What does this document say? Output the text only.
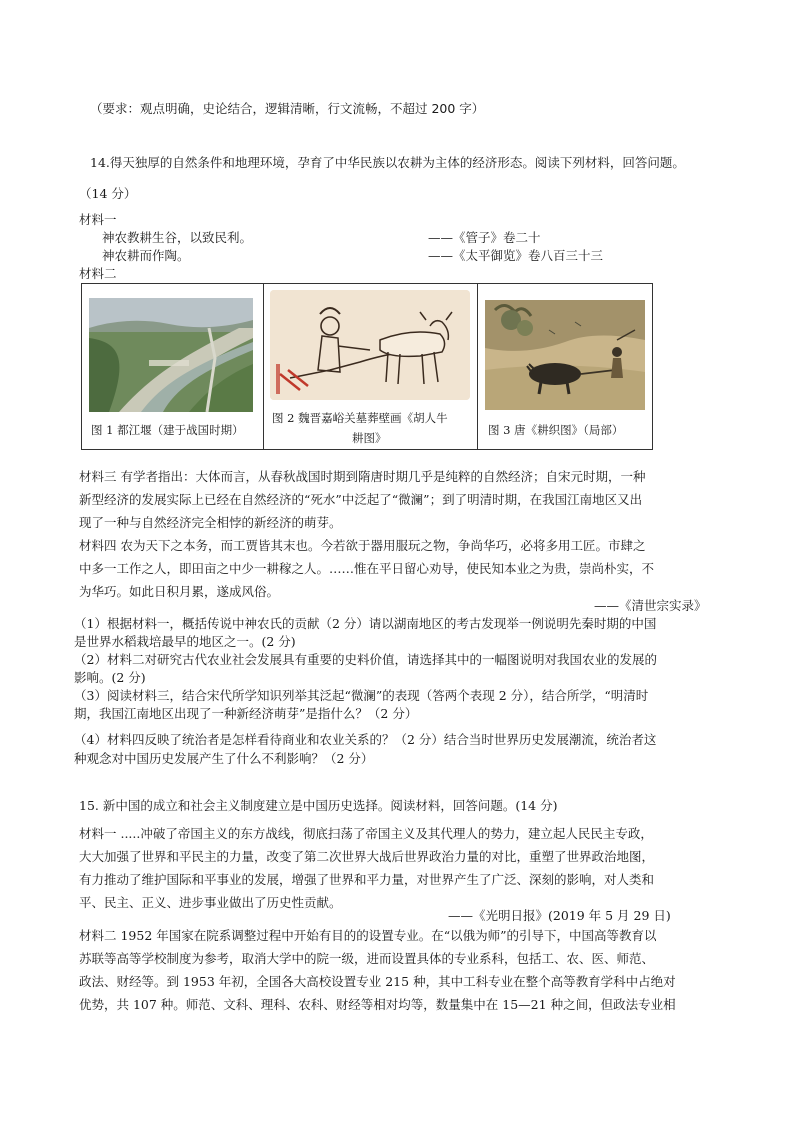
（要求：观点明确，史论结合，逻辑清晰，行文流畅，不超过 200 字）
14.得天独厚的自然条件和地理环境，孕育了中华民族以农耕为主体的经济形态。阅读下列材料，回答问题。
（14 分）
材料一
神农教耕生谷，以致民利。	——《管子》卷二十
神农耕而作陶。	——《太平御览》卷八百三十三
材料二
图 1 都江堰（建于战国时期）
图 2 魏晋嘉峪关墓葬壁画《胡人牛
耕图》
图 3 唐《耕织图》（局部）
材料三 有学者指出：大体而言，从春秋战国时期到隋唐时期几乎是纯粹的自然经济；自宋元时期，一种
新型经济的发展实际上已经在自然经济的“死水”中泛起了“微澜”；到了明清时期，在我国江南地区又出
现了一种与自然经济完全相悖的新经济的萌芽。
材料四 农为天下之本务，而工贾皆其末也。今若欲于器用服玩之物，争尚华巧，必将多用工匠。市肆之
中多一工作之人，即田亩之中少一耕稼之人。……惟在平日留心劝导，使民知本业之为贵，崇尚朴实，不
为华巧。如此日积月累，遂成风俗。
——《清世宗实录》
（1）根据材料一，概括传说中神农氏的贡献（2 分）请以湖南地区的考古发现举一例说明先秦时期的中国
是世界水稻栽培最早的地区之一。(2 分)
（2）材料二对研究古代农业社会发展具有重要的史料价值，请选择其中的一幅图说明对我国农业的发展的
影响。(2 分)
（3）阅读材料三，结合宋代所学知识列举其泛起“微澜”的表现（答两个表现 2 分），结合所学，“明清时
期，我国江南地区出现了一种新经济萌芽”是指什么？（2 分）
（4）材料四反映了统治者是怎样看待商业和农业关系的？（2 分）结合当时世界历史发展潮流，统治者这
种观念对中国历史发展产生了什么不利影响？（2 分）
15. 新中国的成立和社会主义制度建立是中国历史选择。阅读材料，回答问题。(14 分)
材料一 .....冲破了帝国主义的东方战线，彻底扫荡了帝国主义及其代理人的势力，建立起人民民主专政，
大大加强了世界和平民主的力量，改变了第二次世界大战后世界政治力量的对比，重塑了世界政治地图，
有力推动了维护国际和平事业的发展，增强了世界和平力量，对世界产生了广泛、深刻的影响，对人类和
平、民主、正义、进步事业做出了历史性贡献。
——《光明日报》(2019 年 5 月 29 日)
材料二 1952 年国家在院系调整过程中开始有目的的设置专业。在“以俄为师”的引导下，中国高等教育以
苏联等高等学校制度为参考，取消大学中的院一级，进而设置具体的专业系科，包括工、农、医、师范、
政法、财经等。到 1953 年初，全国各大高校设置专业 215 种，其中工科专业在整个高等教育学科中占绝对
优势，共 107 种。师范、文科、理科、农科、财经等相对均等，数量集中在 15—21 种之间，但政法专业相
